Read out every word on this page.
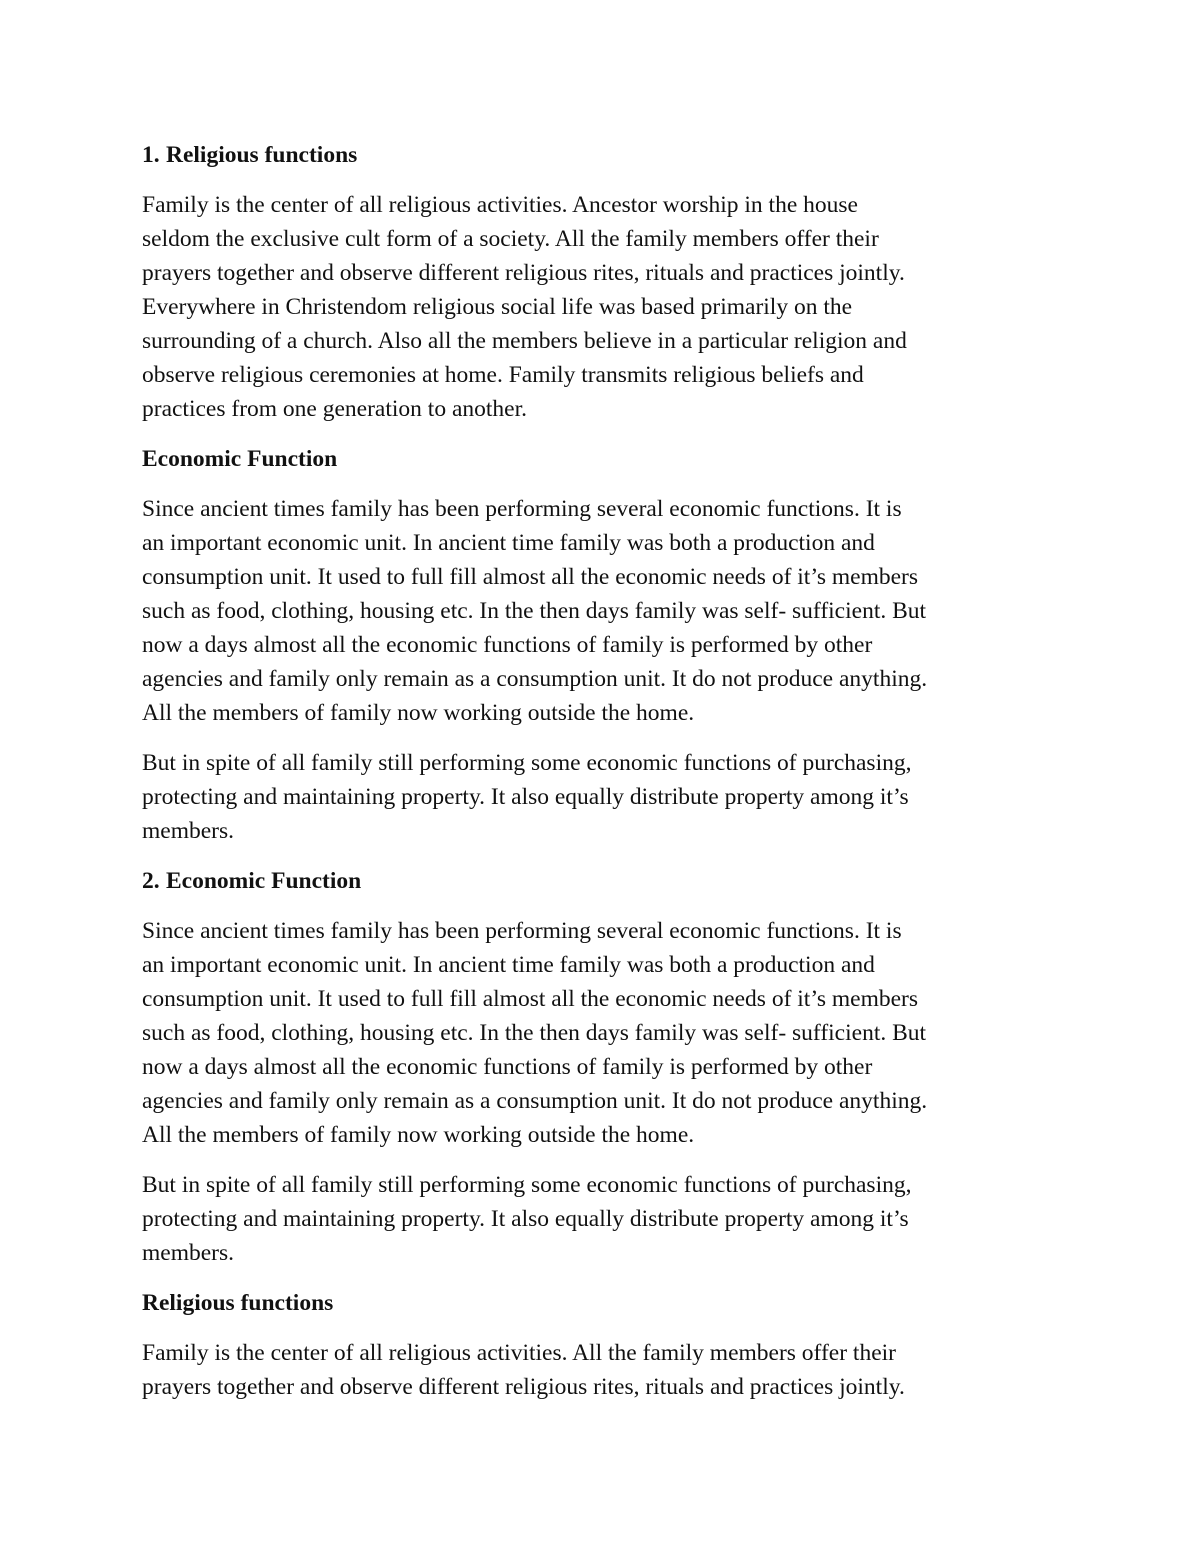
1. Religious functions
Family is the center of all religious activities. Ancestor worship in the house
seldom the exclusive cult form of a society. All the family members offer their
prayers together and observe different religious rites, rituals and practices jointly.
Everywhere in Christendom religious social life was based primarily on the
surrounding of a church. Also all the members believe in a particular religion and
observe religious ceremonies at home. Family transmits religious beliefs and
practices from one generation to another.
Economic Function
Since ancient times family has been performing several economic functions. It is
an important economic unit. In ancient time family was both a production and
consumption unit. It used to full fill almost all the economic needs of it’s members
such as food, clothing, housing etc. In the then days family was self- sufficient. But
now a days almost all the economic functions of family is performed by other
agencies and family only remain as a consumption unit. It do not produce anything.
All the members of family now working outside the home.
But in spite of all family still performing some economic functions of purchasing,
protecting and maintaining property. It also equally distribute property among it’s
members.
2. Economic Function
Since ancient times family has been performing several economic functions. It is
an important economic unit. In ancient time family was both a production and
consumption unit. It used to full fill almost all the economic needs of it’s members
such as food, clothing, housing etc. In the then days family was self- sufficient. But
now a days almost all the economic functions of family is performed by other
agencies and family only remain as a consumption unit. It do not produce anything.
All the members of family now working outside the home.
But in spite of all family still performing some economic functions of purchasing,
protecting and maintaining property. It also equally distribute property among it’s
members.
Religious functions
Family is the center of all religious activities. All the family members offer their
prayers together and observe different religious rites, rituals and practices jointly.
